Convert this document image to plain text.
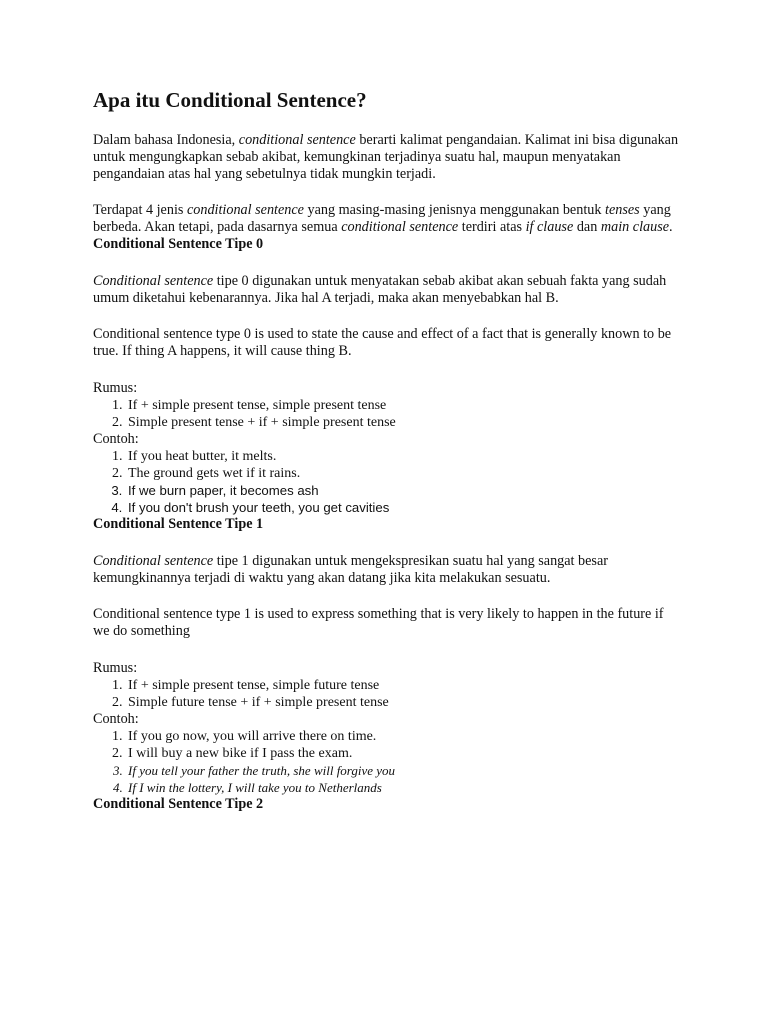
Apa itu Conditional Sentence?

Dalam bahasa Indonesia, conditional sentence berarti kalimat pengandaian. Kalimat ini bisa digunakan untuk mengungkapkan sebab akibat, kemungkinan terjadinya suatu hal, maupun menyatakan pengandaian atas hal yang sebetulnya tidak mungkin terjadi.

Terdapat 4 jenis conditional sentence yang masing-masing jenisnya menggunakan bentuk tenses yang berbeda. Akan tetapi, pada dasarnya semua conditional sentence terdiri atas if clause dan main clause.

Conditional Sentence Tipe 0

Conditional sentence tipe 0 digunakan untuk menyatakan sebab akibat akan sebuah fakta yang sudah umum diketahui kebenarannya. Jika hal A terjadi, maka akan menyebabkan hal B.

Conditional sentence type 0 is used to state the cause and effect of a fact that is generally known to be true. If thing A happens, it will cause thing B.

Rumus:

1. If + simple present tense, simple present tense
2. Simple present tense + if + simple present tense

Contoh:

1. If you heat butter, it melts.
2. The ground gets wet if it rains.
3. If we burn paper, it becomes ash
4. If you don't brush your teeth, you get cavities

Conditional Sentence Tipe 1

Conditional sentence tipe 1 digunakan untuk mengekspresikan suatu hal yang sangat besar kemungkinannya terjadi di waktu yang akan datang jika kita melakukan sesuatu.

Conditional sentence type 1 is used to express something that is very likely to happen in the future if we do something

Rumus:

1. If + simple present tense, simple future tense
2. Simple future tense + if + simple present tense

Contoh:

1. If you go now, you will arrive there on time.
2. I will buy a new bike if I pass the exam.
3. If you tell your father the truth, she will forgive you
4. If I win the lottery, I will take you to Netherlands

Conditional Sentence Tipe 2
